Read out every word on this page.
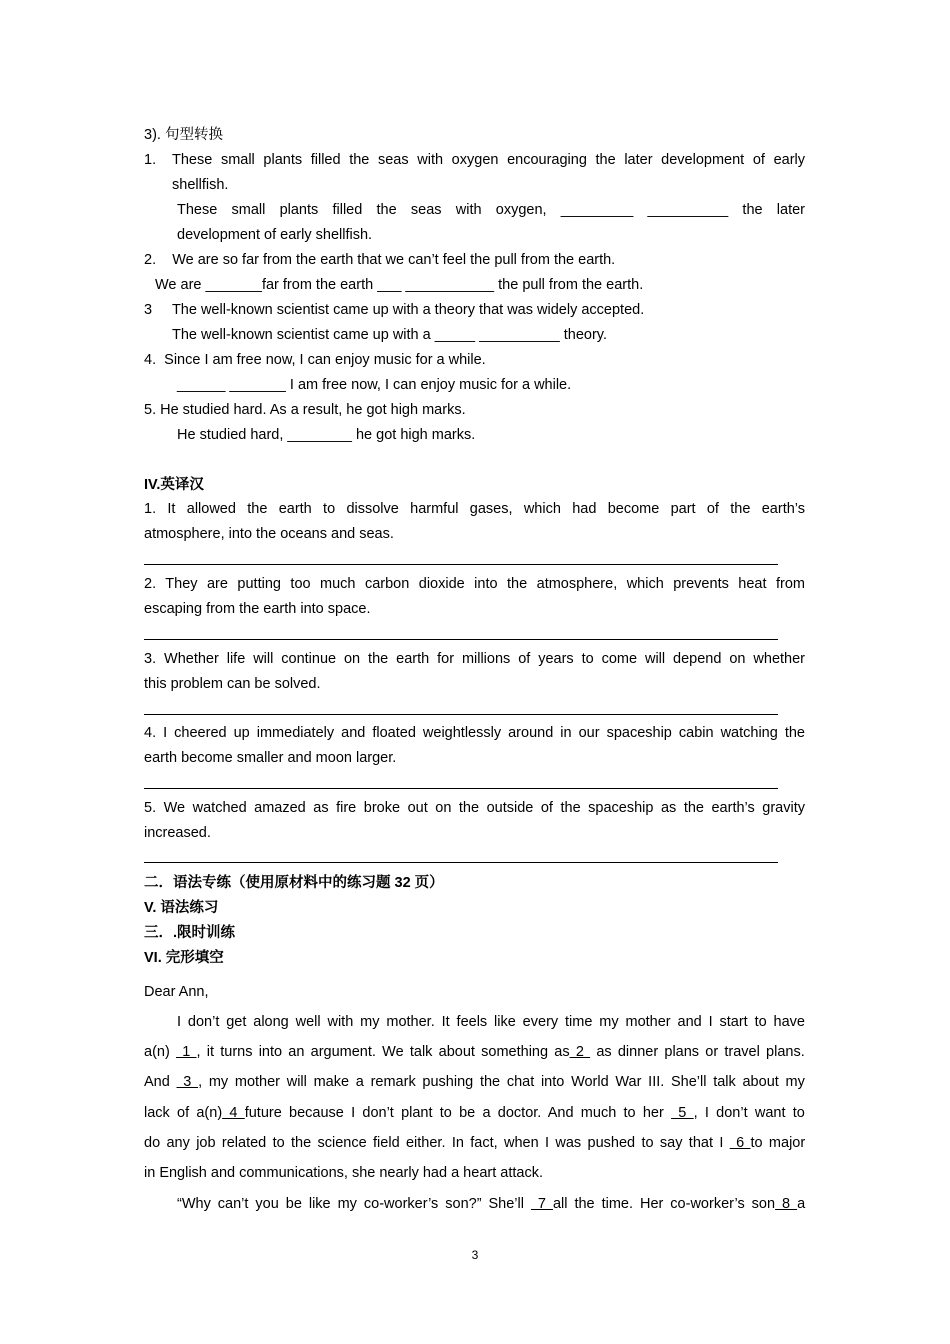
3). 句型转换
1. These small plants filled the seas with oxygen encouraging the later development of early
shellfish.
These small plants filled the seas with oxygen, _________ __________ the later
development of early shellfish.
2.    We are so far from the earth that we can’t feel the pull from the earth.
We are _______far from the earth ___ ___________ the pull from the earth.
3     The well-known scientist came up with a theory that was widely accepted.
The well-known scientist came up with a _____ __________ theory.
4.  Since I am free now, I can enjoy music for a while.
______ _______ I am free now, I can enjoy music for a while.
5. He studied hard. As a result, he got high marks.
He studied hard, ________ he got high marks.
IV.英译汉
1. It allowed the earth to dissolve harmful gases, which had become part of the earth’s
atmosphere, into the oceans and seas.
2. They are putting too much carbon dioxide into the atmosphere, which prevents heat from
escaping from the earth into space.
3. Whether life will continue on the earth for millions of years to come will depend on whether
this problem can be solved.
4. I cheered up immediately and floated weightlessly around in our spaceship cabin watching the
earth become smaller and moon larger.
5. We watched amazed as fire broke out on the outside of the spaceship as the earth’s gravity
increased.
二．语法专练（使用原材料中的练习题 32 页）
V. 语法练习
三．.限时训练
VI. 完形填空
Dear Ann,
I don’t get along well with my mother. It feels like every time my mother and I start to have
a(n)  1 , it turns into an argument. We talk about something as 2  as dinner plans or travel plans.
And  3 , my mother will make a remark pushing the chat into World War III. She’ll talk about my
lack of a(n) 4 future because I don’t plant to be a doctor. And much to her  5 , I don’t want to
do any job related to the science field either. In fact, when I was pushed to say that I  6 to major
in English and communications, she nearly had a heart attack.
“Why can’t you be like my co-worker’s son?” She’ll  7 all the time. Her co-worker’s son 8 a
3
